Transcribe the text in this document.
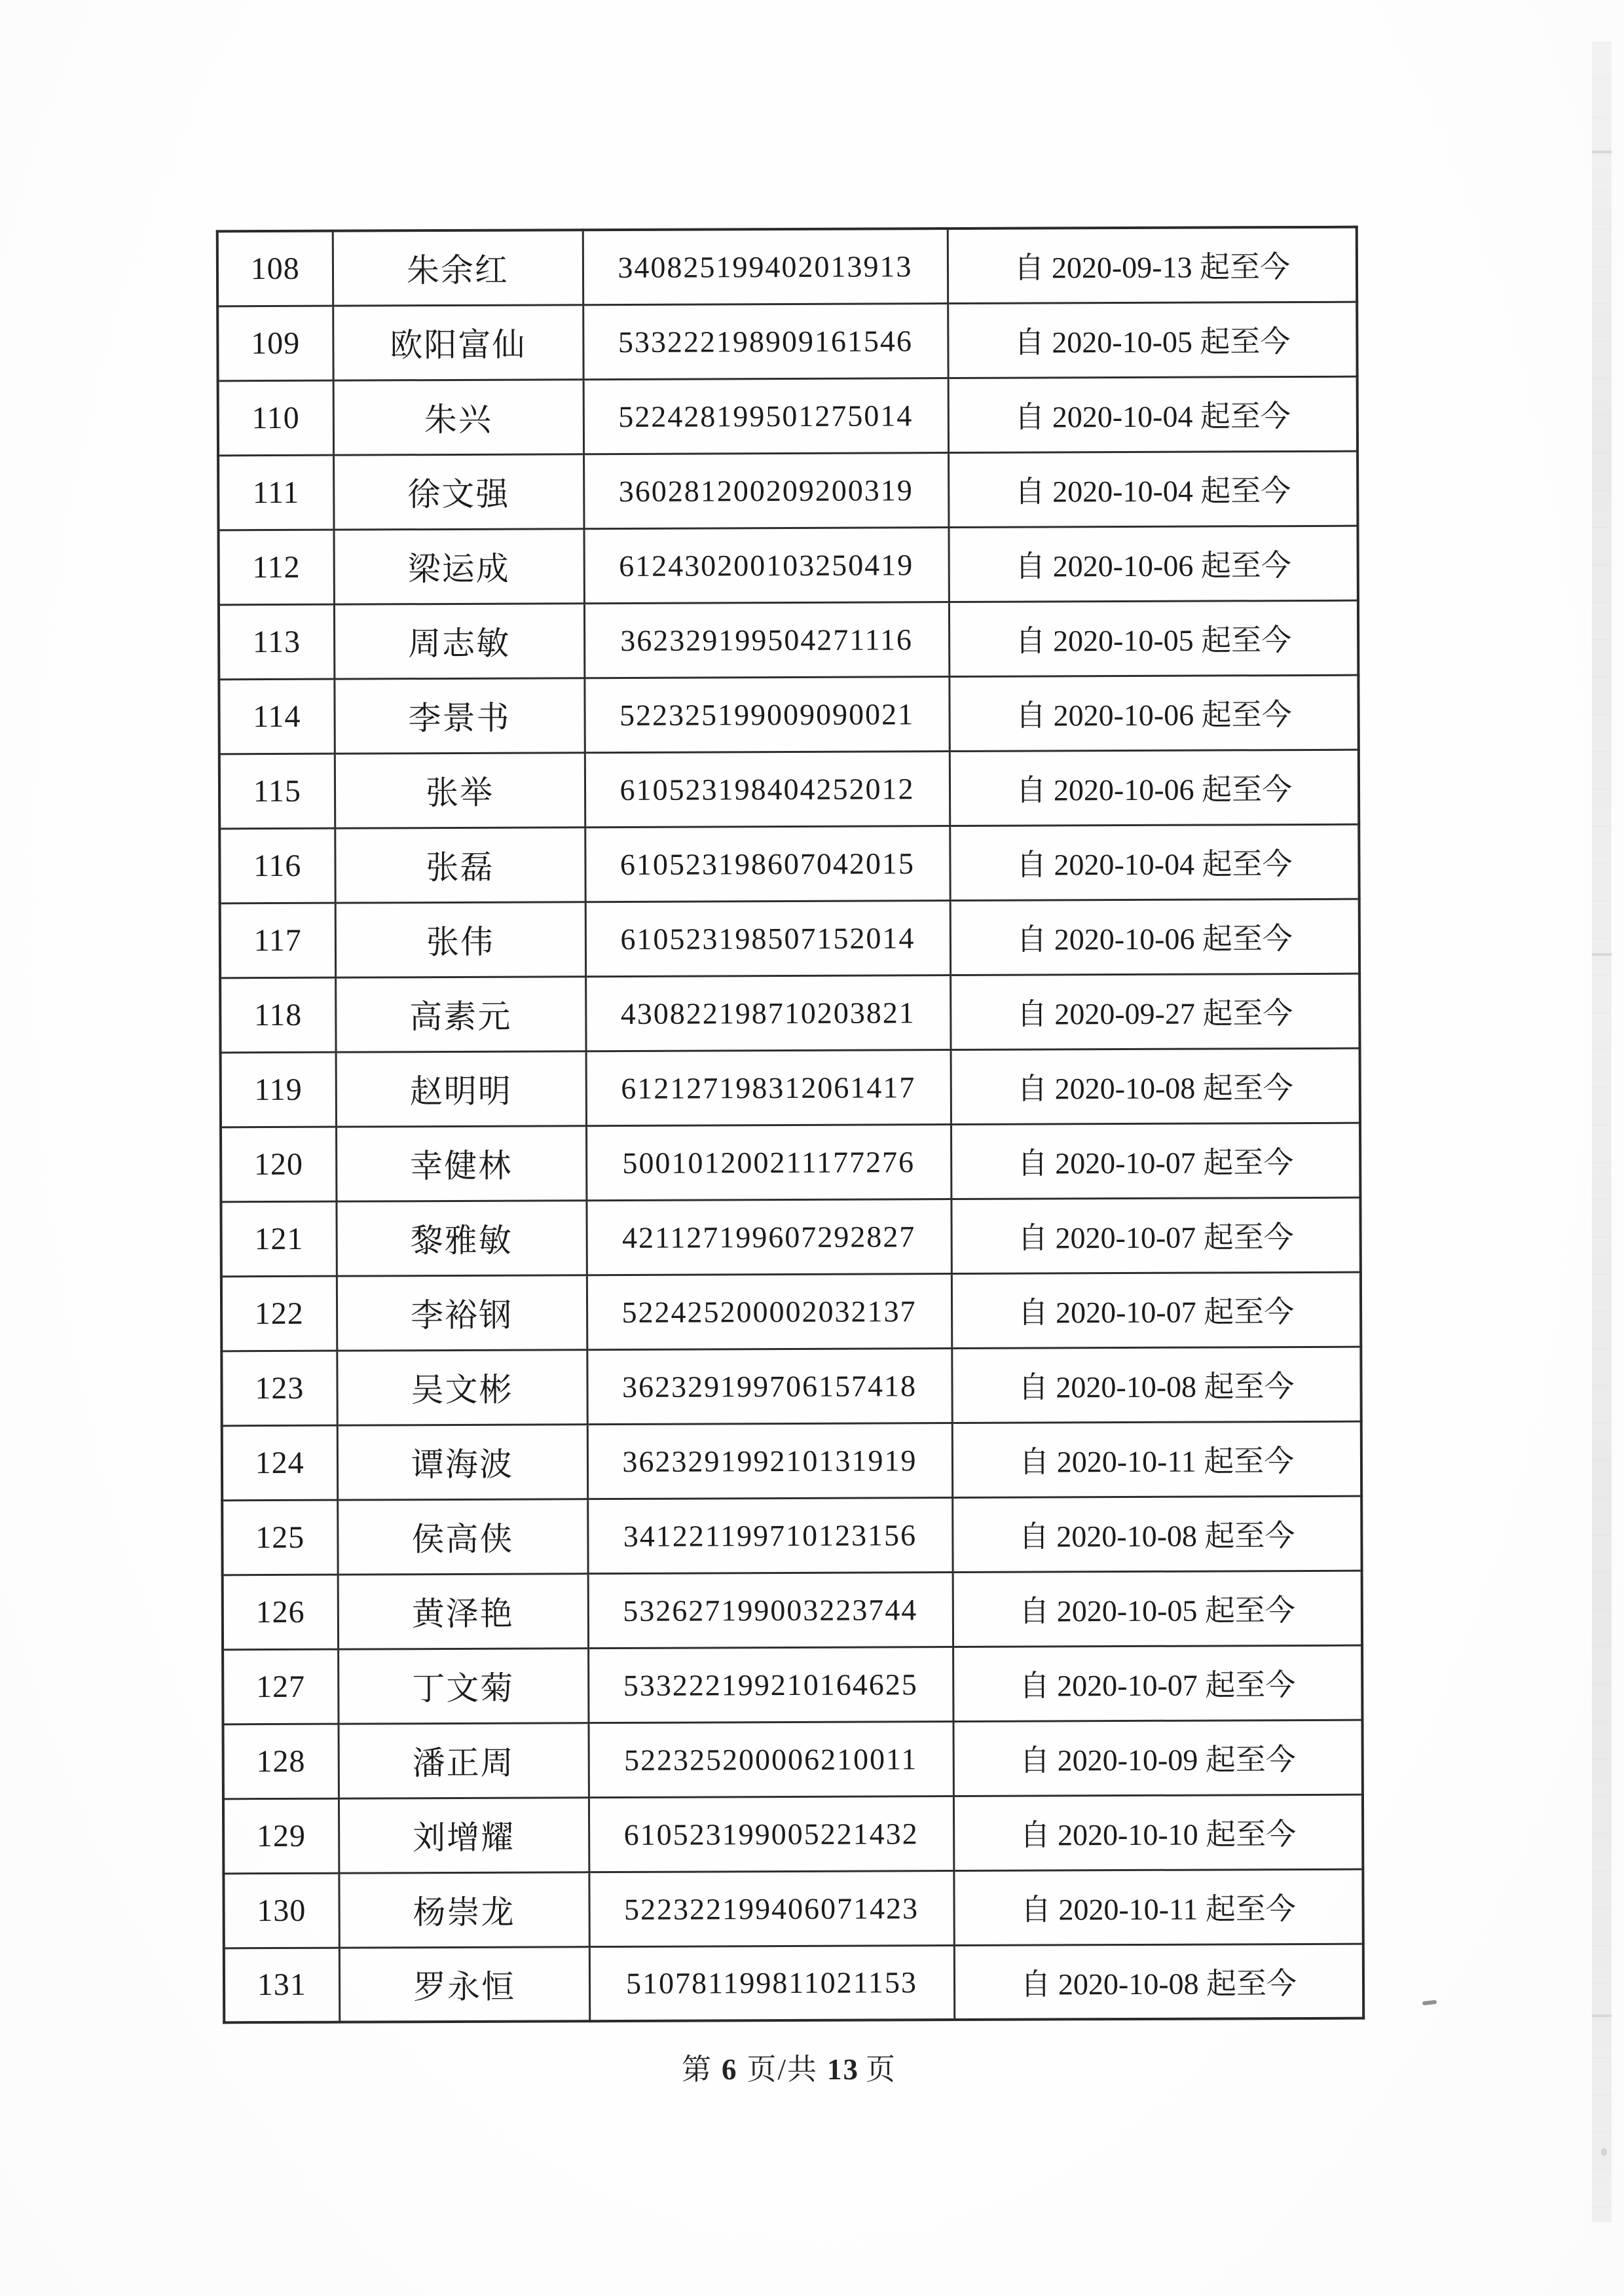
108	朱余红	340825199402013913	自 2020-09-13 起至今
109	欧阳富仙	533222198909161546	自 2020-10-05 起至今
110	朱兴	522428199501275014	自 2020-10-04 起至今
111	徐文强	360281200209200319	自 2020-10-04 起至今
112	梁运成	612430200103250419	自 2020-10-06 起至今
113	周志敏	362329199504271116	自 2020-10-05 起至今
114	李景书	522325199009090021	自 2020-10-06 起至今
115	张举	610523198404252012	自 2020-10-06 起至今
116	张磊	610523198607042015	自 2020-10-04 起至今
117	张伟	610523198507152014	自 2020-10-06 起至今
118	高素元	430822198710203821	自 2020-09-27 起至今
119	赵明明	612127198312061417	自 2020-10-08 起至今
120	幸健林	500101200211177276	自 2020-10-07 起至今
121	黎雅敏	421127199607292827	自 2020-10-07 起至今
122	李裕钢	522425200002032137	自 2020-10-07 起至今
123	吴文彬	362329199706157418	自 2020-10-08 起至今
124	谭海波	362329199210131919	自 2020-10-11 起至今
125	侯高侠	341221199710123156	自 2020-10-08 起至今
126	黄泽艳	532627199003223744	自 2020-10-05 起至今
127	丁文菊	533222199210164625	自 2020-10-07 起至今
128	潘正周	522325200006210011	自 2020-10-09 起至今
129	刘增耀	610523199005221432	自 2020-10-10 起至今
130	杨崇龙	522322199406071423	自 2020-10-11 起至今
131	罗永恒	510781199811021153	自 2020-10-08 起至今
第 6 页/共 13 页
